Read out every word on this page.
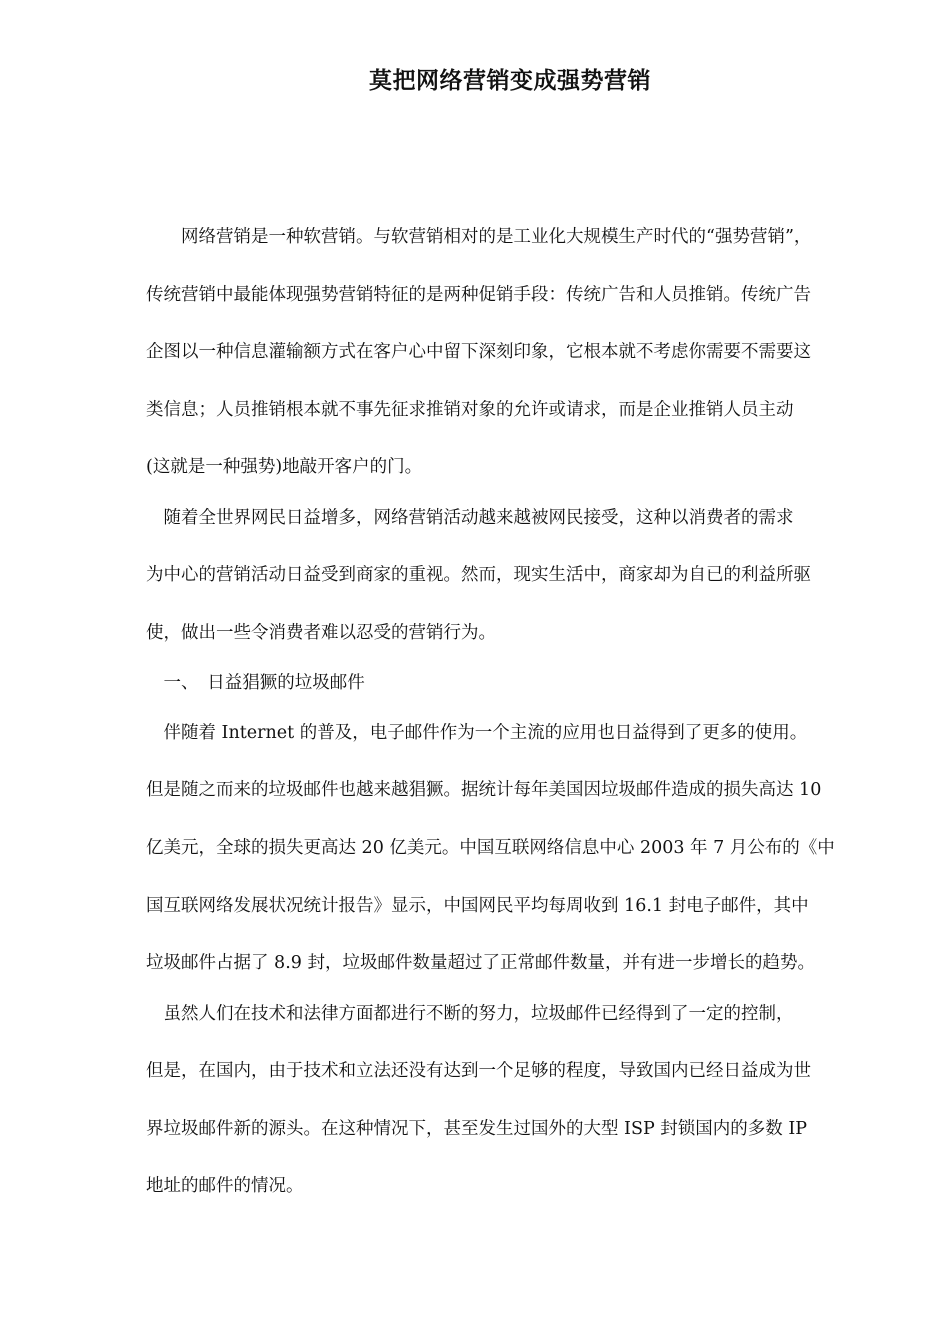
莫把网络营销变成强势营销

　　网络营销是一种软营销。与软营销相对的是工业化大规模生产时代的“强势营销”，

传统营销中最能体现强势营销特征的是两种促销手段：传统广告和人员推销。传统广告

企图以一种信息灌输额方式在客户心中留下深刻印象，它根本就不考虑你需要不需要这

类信息；人员推销根本就不事先征求推销对象的允许或请求，而是企业推销人员主动

(这就是一种强势)地敲开客户的门。

　随着全世界网民日益增多，网络营销活动越来越被网民接受，这种以消费者的需求

为中心的营销活动日益受到商家的重视。然而，现实生活中，商家却为自已的利益所驱

使，做出一些令消费者难以忍受的营销行为。

　一、　日益猖獗的垃圾邮件

　伴随着 Internet 的普及，电子邮件作为一个主流的应用也日益得到了更多的使用。

但是随之而来的垃圾邮件也越来越猖獗。据统计每年美国因垃圾邮件造成的损失高达 10

亿美元，全球的损失更高达 20 亿美元。中国互联网络信息中心 2003 年 7 月公布的《中

国互联网络发展状况统计报告》显示，中国网民平均每周收到 16.1 封电子邮件，其中

垃圾邮件占据了 8.9 封，垃圾邮件数量超过了正常邮件数量，并有进一步增长的趋势。

　虽然人们在技术和法律方面都进行不断的努力，垃圾邮件已经得到了一定的控制，

但是，在国内，由于技术和立法还没有达到一个足够的程度，导致国内已经日益成为世

界垃圾邮件新的源头。在这种情况下，甚至发生过国外的大型 ISP 封锁国内的多数 IP

地址的邮件的情况。
